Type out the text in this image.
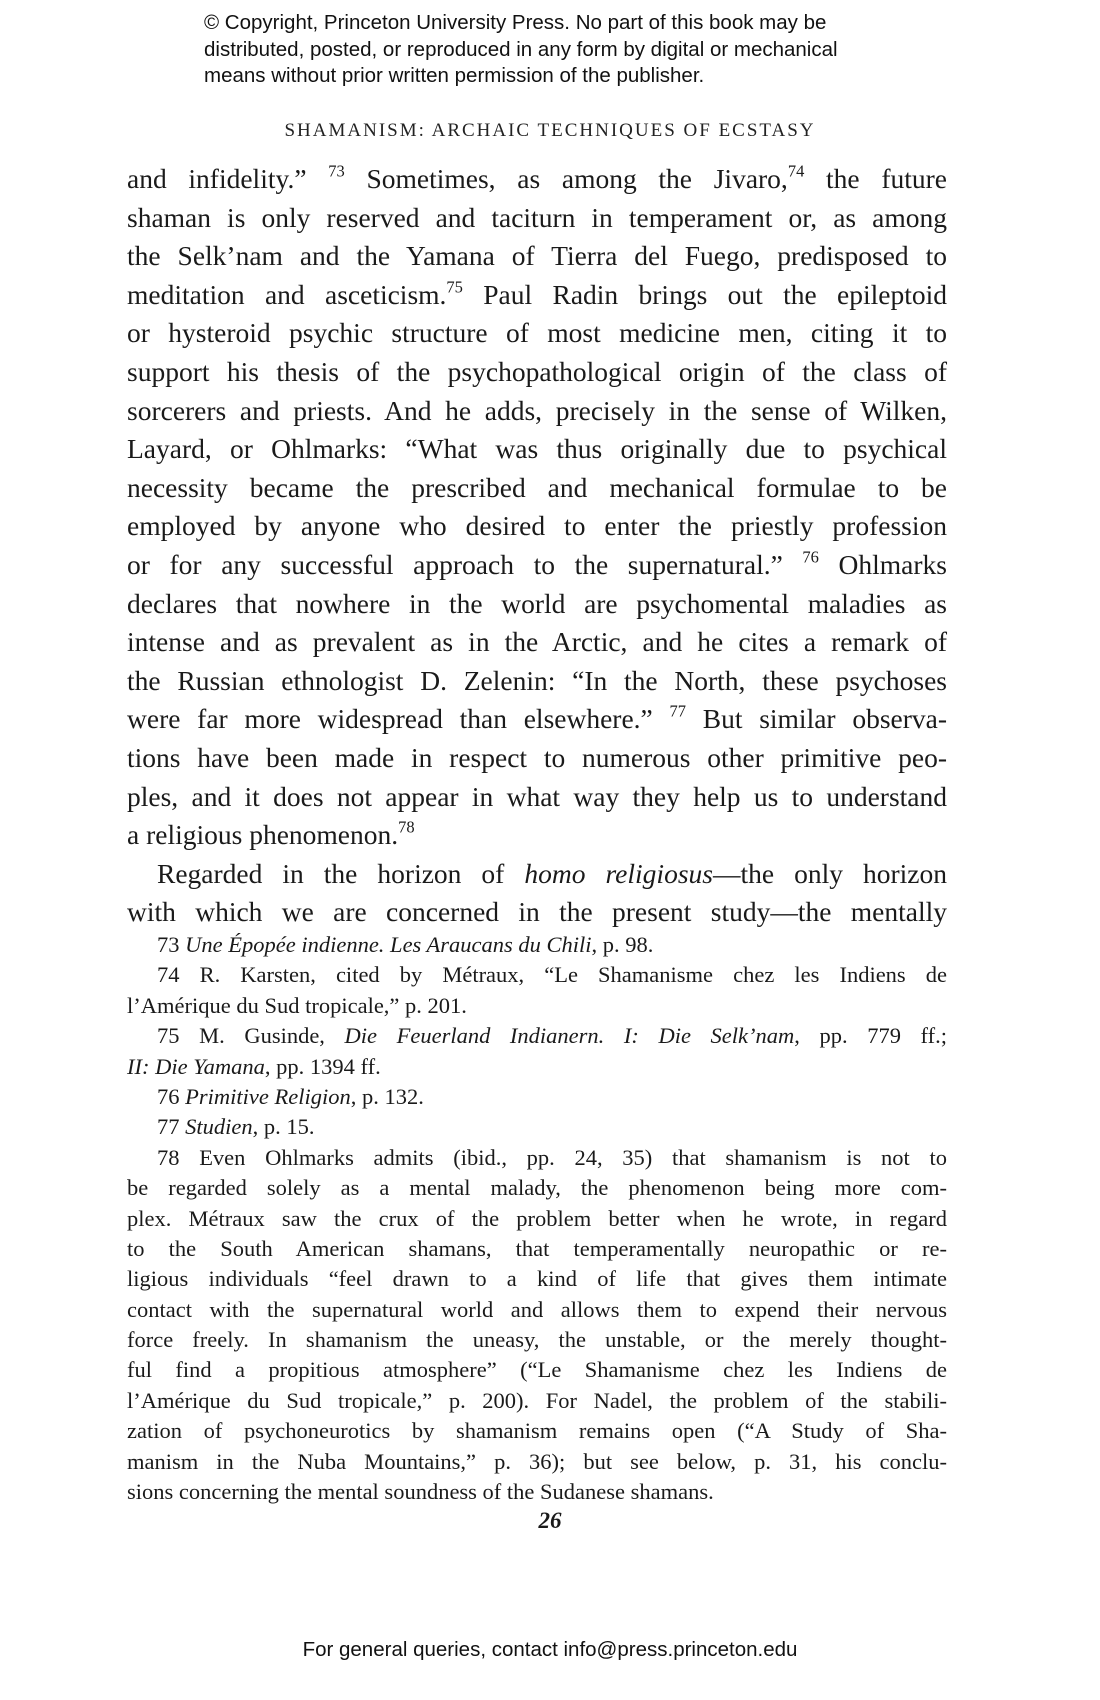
© Copyright, Princeton University Press. No part of this book may be
distributed, posted, or reproduced in any form by digital or mechanical
means without prior written permission of the publisher.
SHAMANISM: ARCHAIC TECHNIQUES OF ECSTASY
and infidelity.” $^{73}$ Sometimes, as among the Jivaro,$^{74}$ the future
shaman is only reserved and taciturn in temperament or, as among
the Selk’nam and the Yamana of Tierra del Fuego, predisposed to
meditation and asceticism.$^{75}$ Paul Radin brings out the epileptoid
or hysteroid psychic structure of most medicine men, citing it to
support his thesis of the psychopathological origin of the class of
sorcerers and priests. And he adds, precisely in the sense of Wilken,
Layard, or Ohlmarks: “What was thus originally due to psychical
necessity became the prescribed and mechanical formulae to be
employed by anyone who desired to enter the priestly profession
or for any successful approach to the supernatural.” $^{76}$ Ohlmarks
declares that nowhere in the world are psychomental maladies as
intense and as prevalent as in the Arctic, and he cites a remark of
the Russian ethnologist D. Zelenin: “In the North, these psychoses
were far more widespread than elsewhere.” $^{77}$ But similar observa-
tions have been made in respect to numerous other primitive peo-
ples, and it does not appear in what way they help us to understand
a religious phenomenon.$^{78}$
Regarded in the horizon of homo religiosus—the only horizon
with which we are concerned in the present study—the mentally
73 Une Épopée indienne. Les Araucans du Chili, p. 98.
74 R. Karsten, cited by Métraux, “Le Shamanisme chez les Indiens de
l’Amérique du Sud tropicale,” p. 201.
75 M. Gusinde, Die Feuerland Indianern. I: Die Selk’nam, pp. 779 ff.;
II: Die Yamana, pp. 1394 ff.
76 Primitive Religion, p. 132.
77 Studien, p. 15.
78 Even Ohlmarks admits (ibid., pp. 24, 35) that shamanism is not to
be regarded solely as a mental malady, the phenomenon being more com-
plex. Métraux saw the crux of the problem better when he wrote, in regard
to the South American shamans, that temperamentally neuropathic or re-
ligious individuals “feel drawn to a kind of life that gives them intimate
contact with the supernatural world and allows them to expend their nervous
force freely. In shamanism the uneasy, the unstable, or the merely thought-
ful find a propitious atmosphere” (“Le Shamanisme chez les Indiens de
l’Amérique du Sud tropicale,” p. 200). For Nadel, the problem of the stabili-
zation of psychoneurotics by shamanism remains open (“A Study of Sha-
manism in the Nuba Mountains,” p. 36); but see below, p. 31, his conclu-
sions concerning the mental soundness of the Sudanese shamans.
26
For general queries, contact info@press.princeton.edu
